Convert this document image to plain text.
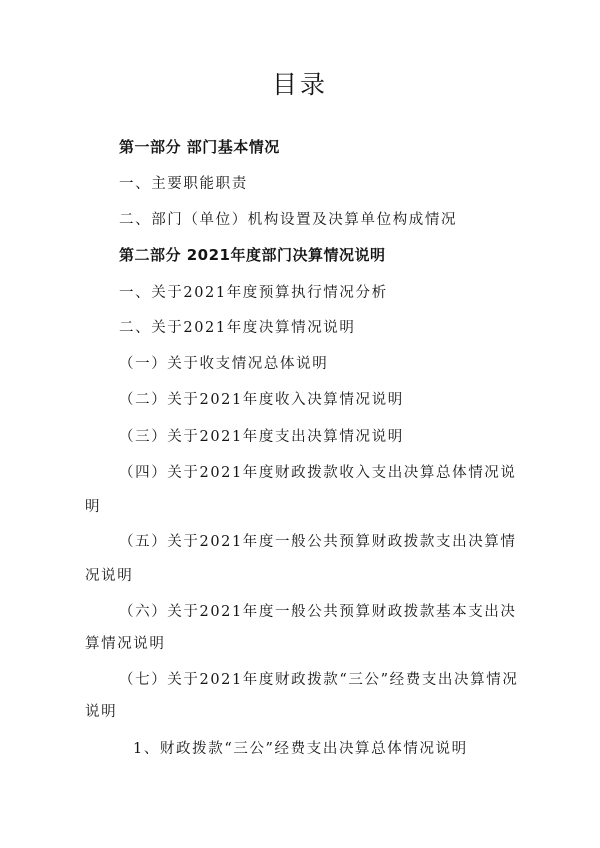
目录
第一部分 部门基本情况
一、主要职能职责
二、部门（单位）机构设置及决算单位构成情况
第二部分 2021年度部门决算情况说明
一、关于2021年度预算执行情况分析
二、关于2021年度决算情况说明
（一）关于收支情况总体说明
（二）关于2021年度收入决算情况说明
（三）关于2021年度支出决算情况说明
（四）关于2021年度财政拨款收入支出决算总体情况说
明
（五）关于2021年度一般公共预算财政拨款支出决算情
况说明
（六）关于2021年度一般公共预算财政拨款基本支出决
算情况说明
（七）关于2021年度财政拨款“三公”经费支出决算情况
说明
1、财政拨款“三公”经费支出决算总体情况说明
